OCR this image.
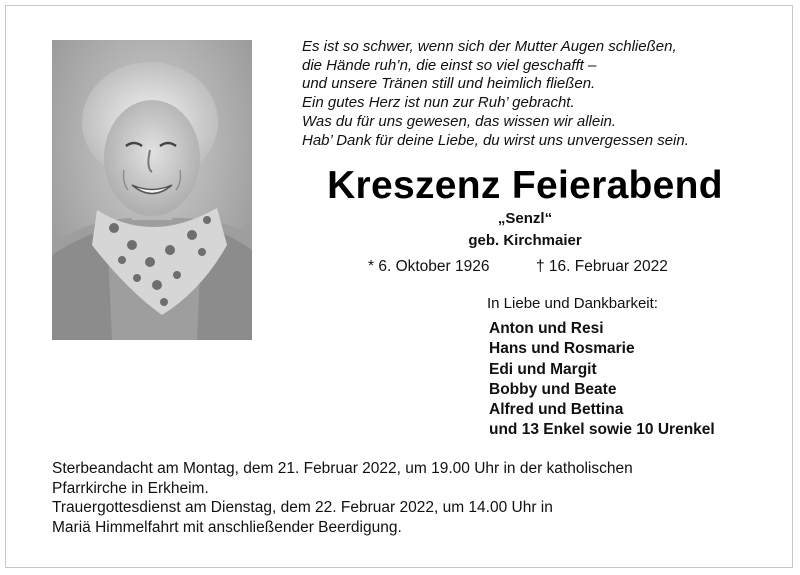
Es ist so schwer, wenn sich der Mutter Augen schließen,
die Hände ruh’n, die einst so viel geschafft –
und unsere Tränen still und heimlich fließen.
Ein gutes Herz ist nun zur Ruh’ gebracht.
Was du für uns gewesen, das wissen wir allein.
Hab’ Dank für deine Liebe, du wirst uns unvergessen sein.
Kreszenz Feierabend
„Senzl“
geb. Kirchmaier
* 6. Oktober 1926	† 16. Februar 2022
In Liebe und Dankbarkeit:
Anton und Resi
Hans und Rosmarie
Edi und Margit
Bobby und Beate
Alfred und Bettina
und 13 Enkel sowie 10 Urenkel
Sterbeandacht am Montag, dem 21. Februar 2022, um 19.00 Uhr in der katholischen
Pfarrkirche in Erkheim.
Trauergottesdienst am Dienstag, dem 22. Februar 2022, um 14.00 Uhr in
Mariä Himmelfahrt mit anschließender Beerdigung.
